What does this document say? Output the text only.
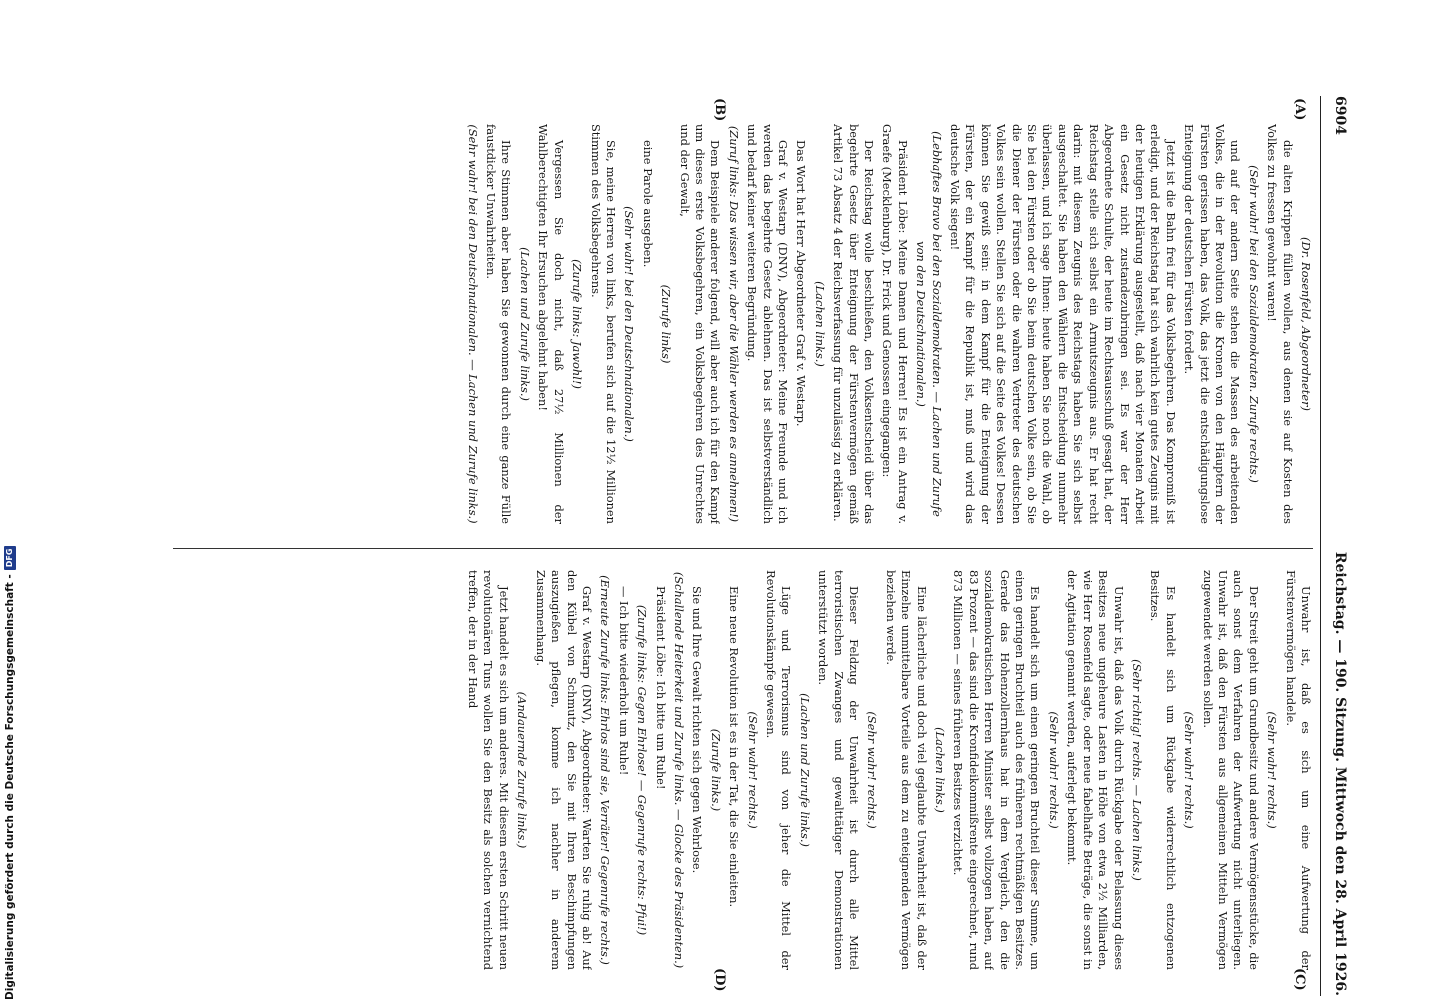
6904
Reichstag. — 190. Sitzung. Mittwoch den 28. April 1926.
(A)
(B)
(C)
(D)

(Dr. Rosenfeld, Abgeordneter)

die alten Krippen füllen wollen, aus denen sie auf Kosten des Volkes zu fressen gewohnt waren!

(Sehr wahr! bei den Sozialdemokraten. Zurufe rechts.)

und auf der andern Seite stehen die Massen des arbeitenden Volkes, die in der Revolution die Kronen von den Häuptern der Fürsten gerissen haben, das Volk, das jetzt die entschädigungslose Enteignung der deutschen Fürsten fordert.

Jetzt ist die Bahn frei für das Volksbegehren. Das Kompromiß ist erledigt, und der Reichstag hat sich wahrlich kein gutes Zeugnis mit der heutigen Erklärung ausgestellt, daß nach vier Monaten Arbeit ein Gesetz nicht zustandezubringen sei. Es war der Herr Abgeordnete Schulte, der heute im Rechtsausschuß gesagt hat, der Reichstag stelle sich selbst ein Armutszeugnis aus. Er hat recht darin: mit diesem Zeugnis des Reichstags haben Sie sich selbst ausgeschaltet. Sie haben den Wählern die Entscheidung nunmehr überlassen, und ich sage Ihnen: heute haben Sie noch die Wahl, ob Sie bei den Fürsten oder ob Sie beim deutschen Volke sein, ob Sie die Diener der Fürsten oder die wahren Vertreter des deutschen Volkes sein wollen. Stellen Sie sich auf die Seite des Volkes! Dessen können Sie gewiß sein: in dem Kampf für die Enteignung der Fürsten, der ein Kampf für die Republik ist, muß und wird das deutsche Volk siegen!

(Lebhaftes Bravo bei den Sozialdemokraten. — Lachen und Zurufe von den Deutschnationalen.)

Präsident Löbe: Meine Damen und Herren! Es ist ein Antrag v. Graefe (Mecklenburg), Dr. Frick und Genossen eingegangen:

Der Reichstag wolle beschließen, den Volksentscheid über das begehrte Gesetz über Enteignung der Fürstenvermögen gemäß Artikel 73 Absatz 4 der Reichsverfassung für unzulässig zu erklären.

(Lachen links.)

Das Wort hat Herr Abgeordneter Graf v. Westarp.

Graf v. Westarp (DNV), Abgeordneter: Meine Freunde und ich werden das begehrte Gesetz ablehnen. Das ist selbstverständlich und bedarf keiner weiteren Begründung.

(Zuruf links: Das wissen wir, aber die Wähler werden es annehmen!)

Dem Beispiele anderer folgend, will aber auch ich für den Kampf um dieses erste Volksbegehren, ein Volksbegehren des Unrechtes und der Gewalt,

(Zurufe links)

eine Parole ausgeben.

(Sehr wahr! bei den Deutschnationalen.)

Sie, meine Herren von links, berufen sich auf die 12½ Millionen Stimmen des Volksbegehrens.

(Zurufe links: Jawohl!)

Vergessen Sie doch nicht, daß 27½ Millionen der Wahlberechtigten Ihr Ersuchen abgelehnt haben!

(Lachen und Zurufe links.)

Ihre Stimmen aber haben Sie gewonnen durch eine ganze Fülle faustdicker Unwahrheiten.

(Sehr wahr! bei den Deutschnationalen. — Lachen und Zurufe links.)

Unwahr ist, daß es sich um eine Aufwertung der Fürstenvermögen handele.

(Sehr wahr! rechts.)

Der Streit geht um Grundbesitz und andere Vermögensstücke, die auch sonst dem Verfahren der Aufwertung nicht unterliegen. Unwahr ist, daß den Fürsten aus allgemeinen Mitteln Vermögen zugewendet werden sollen.

(Sehr wahr! rechts.)

Es handelt sich um Rückgabe widerrechtlich entzogenen Besitzes.

(Sehr richtig! rechts. — Lachen links.)

Unwahr ist, daß das Volk durch Rückgabe oder Belassung dieses Besitzes neue ungeheure Lasten in Höhe von etwa 2½ Milliarden, wie Herr Rosenfeld sagte, oder neue fabelhafte Beträge, die sonst in der Agitation genannt werden, auferlegt bekommt.

(Sehr wahr! rechts.)

Es handelt sich um einen geringen Bruchteil dieser Summe, um einen geringen Bruchteil auch des früheren rechtmäßigen Besitzes. Gerade das Hohenzollernhaus hat in dem Vergleich, den die sozialdemokratischen Herren Minister selbst vollzogen haben, auf 83 Prozent — das sind die Kronfideikommißrente eingerechnet, rund 873 Millionen — seines früheren Besitzes verzichtet.

(Lachen links.)

Eine lächerliche und doch viel geglaubte Unwahrheit ist, daß der Einzelne unmittelbare Vorteile aus dem zu enteignenden Vermögen beziehen werde.

(Sehr wahr! rechts.)

Dieser Feldzug der Unwahrheit ist durch alle Mittel terroristischen Zwanges und gewalttätiger Demonstrationen unterstützt worden.

(Lachen und Zurufe links.)

Lüge und Terrorismus sind von jeher die Mittel der Revolutionskämpfe gewesen.

(Sehr wahr! rechts.)

Eine neue Revolution ist es in der Tat, die Sie einleiten.

(Zurufe links.)

Sie und Ihre Gewalt richten sich gegen Wehrlose.

(Schallende Heiterkeit und Zurufe links. — Glocke des Präsidenten.)

Präsident Löbe: Ich bitte um Ruhe!

(Zurufe links: Gegen Ehrlose! — Gegenrufe rechts: Pfui!)

— Ich bitte wiederholt um Ruhe!

(Erneute Zurufe links: Ehrlos sind sie, Verräter! Gegenrufe rechts.)

Graf v. Westarp (DNV), Abgeordneter: Warten Sie ruhig ab! Auf den Kübel von Schmutz, den Sie mit Ihren Beschimpfungen auszugießen pflegen, komme ich nachher in anderem Zusammenhang.

(Andauernde Zurufe links.)

Jetzt handelt es sich um anderes. Mit diesem ersten Schritt neuen revolutionären Tuns wollen Sie den Besitz als solchen vernichtend treffen, der in der Hand

Digitalisierung gefördert durch die Deutsche Forschungsgemeinschaft -
DFG
